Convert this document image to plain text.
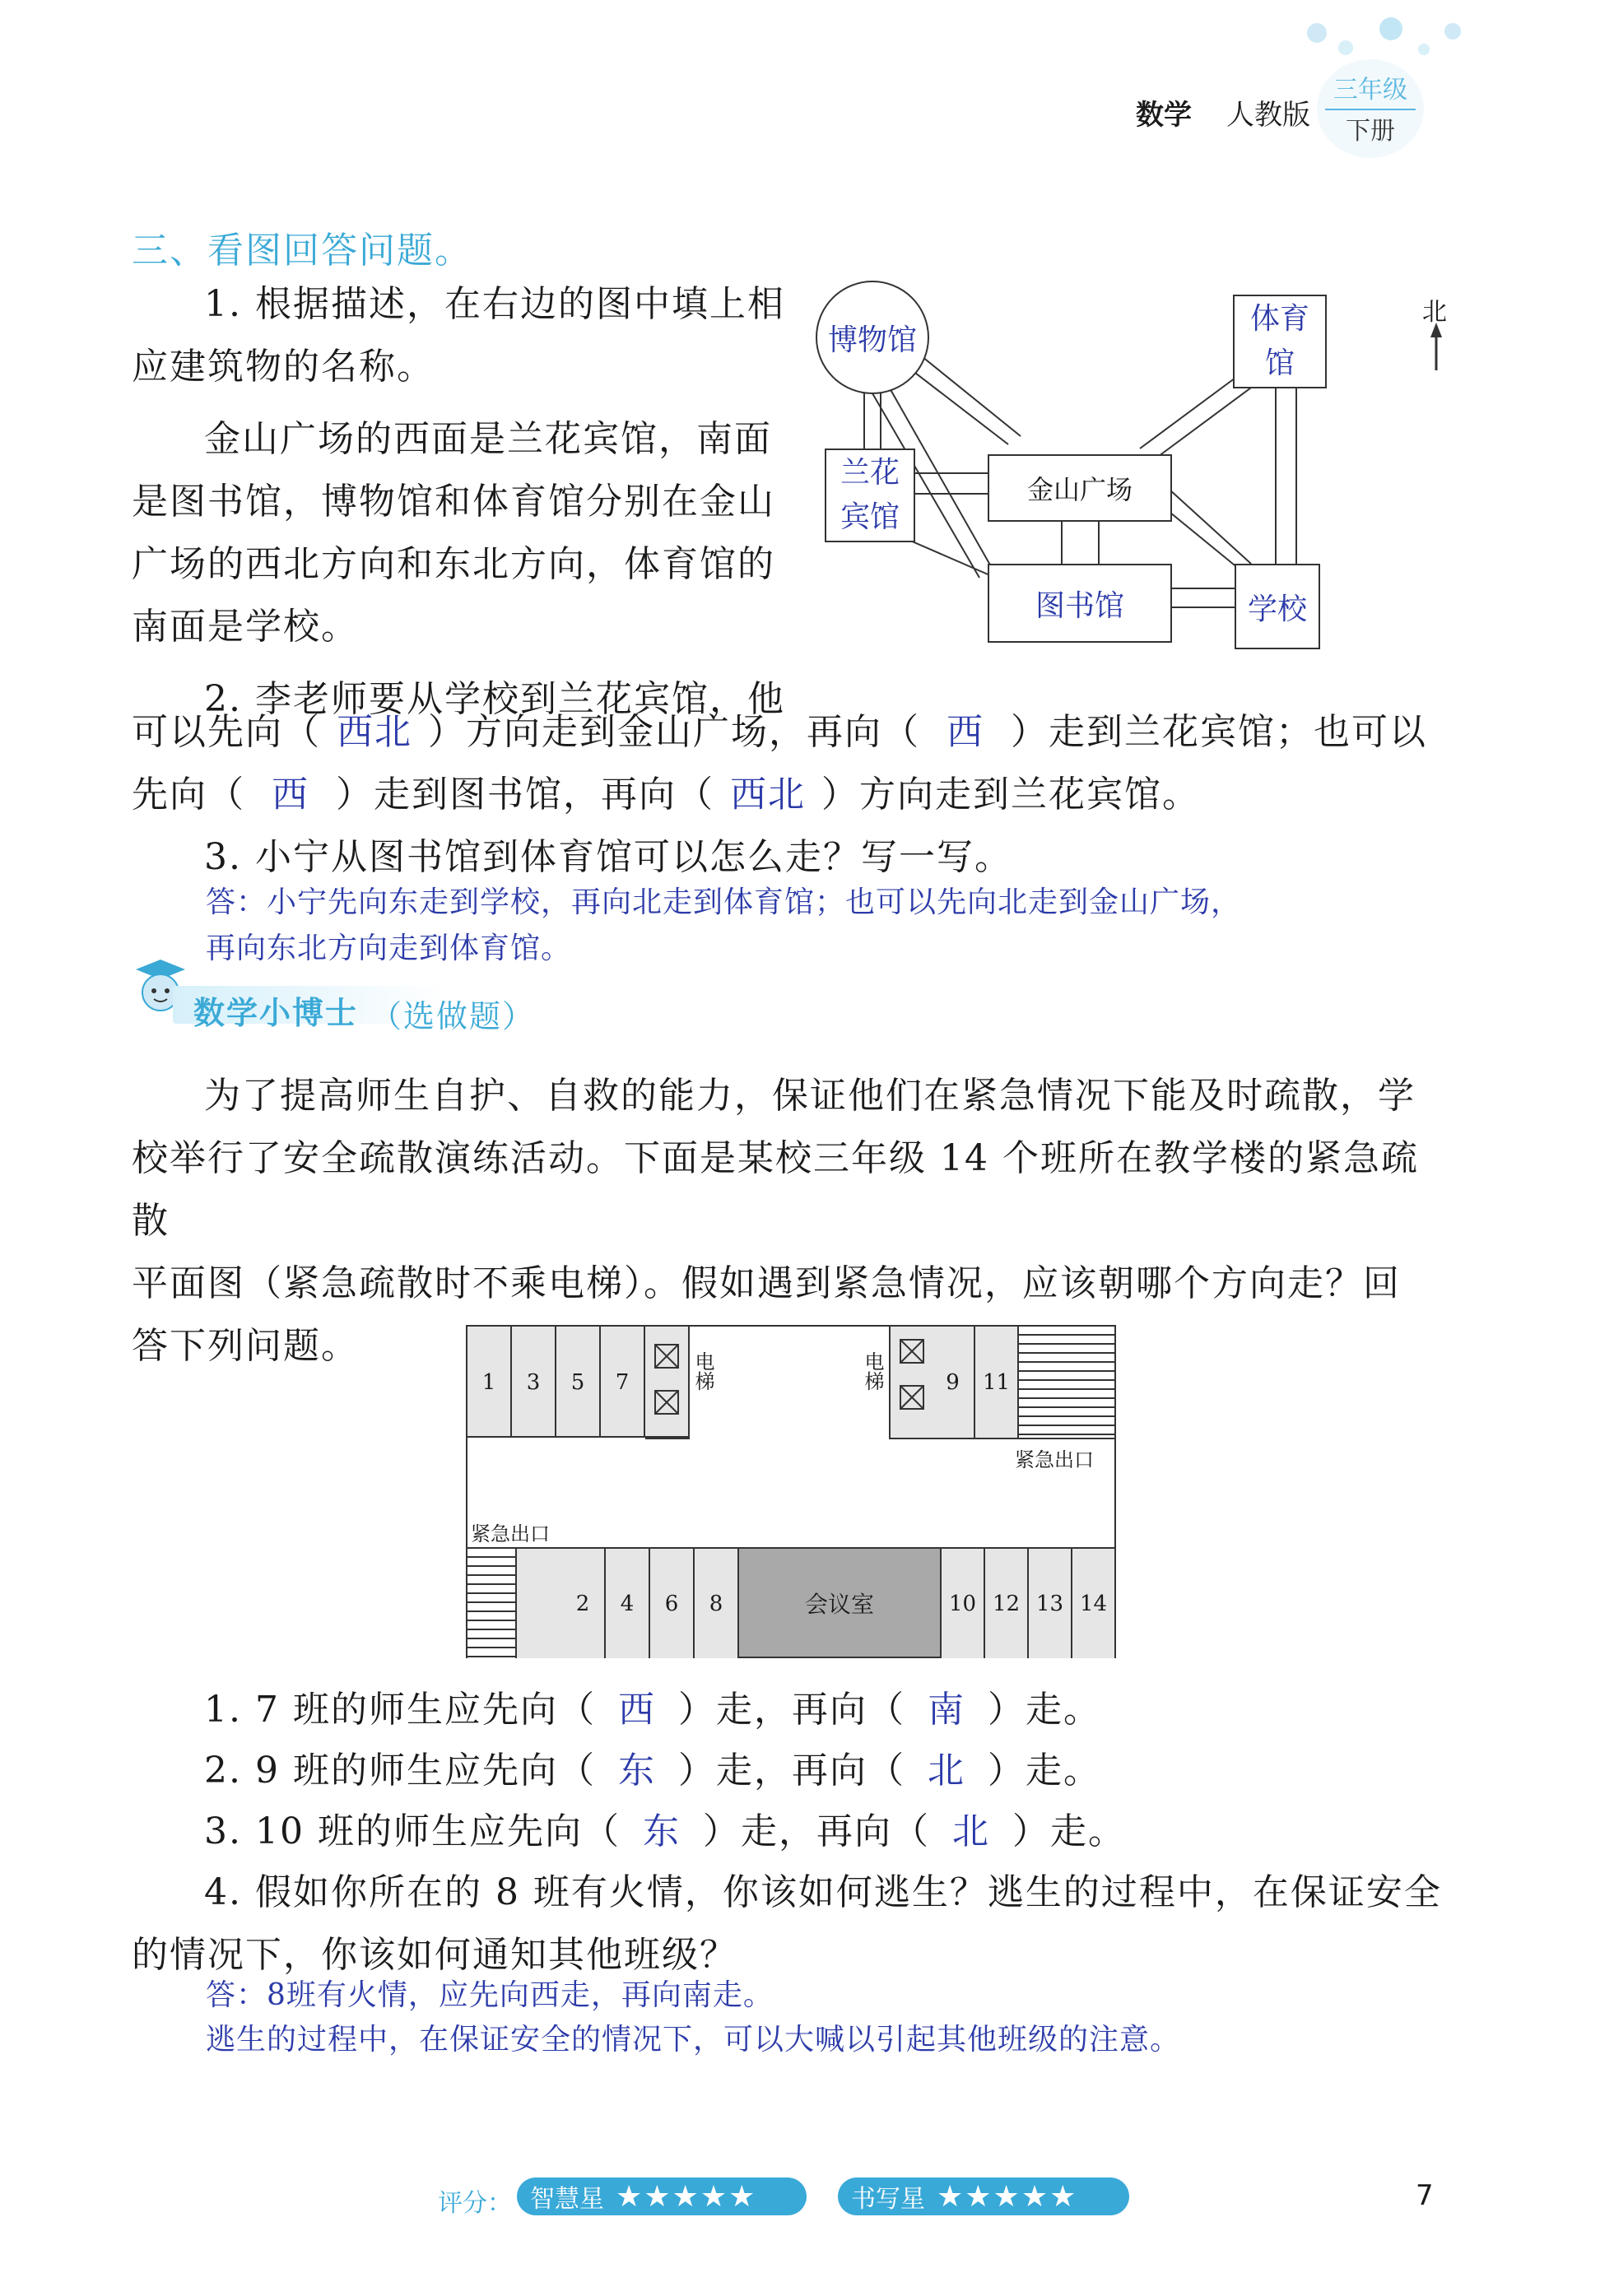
数学 人教版
三年级
下册
三、看图回答问题。
1. 根据描述，在右边的图中填上相
应建筑物的名称。
金山广场的西面是兰花宾馆，南面
是图书馆，博物馆和体育馆分别在金山
广场的西北方向和东北方向，体育馆的
南面是学校。
2. 李老师要从学校到兰花宾馆，他
博物馆
体育馆
兰花宾馆
金山广场
图书馆	学校
北
可以先向（ 西北 ）方向走到金山广场，再向（ 西 ）走到兰花宾馆；也可以
先向（ 西 ）走到图书馆，再向（ 西北 ）方向走到兰花宾馆。
3. 小宁从图书馆到体育馆可以怎么走？写一写。
答：小宁先向东走到学校，再向北走到体育馆；也可以先向北走到金山广场，
再向东北方向走到体育馆。
数学小博士 （选做题）
为了提高师生自护、自救的能力，保证他们在紧急情况下能及时疏散，学
校举行了安全疏散演练活动。下面是某校三年级 14 个班所在教学楼的紧急疏散
平面图（紧急疏散时不乘电梯）。假如遇到紧急情况，应该朝哪个方向走？回
答下列问题。
1	3	5	7	电梯	电梯	9	11
紧急出口
紧急出口
2	4	6	8	会议室	10 12 13 14
1. 7 班的师生应先向（ 西 ）走，再向（ 南 ）走。
2. 9 班的师生应先向（ 东 ）走，再向（ 北 ）走。
3. 10 班的师生应先向（ 东 ）走，再向（ 北 ）走。
4. 假如你所在的 8 班有火情，你该如何逃生？逃生的过程中，在保证安全
的情况下，你该如何通知其他班级？
答：8班有火情，应先向西走，再向南走。
逃生的过程中，在保证安全的情况下，可以大喊以引起其他班级的注意。
评分： 智慧星 ★★★★★	书写星 ★★★★★	7
